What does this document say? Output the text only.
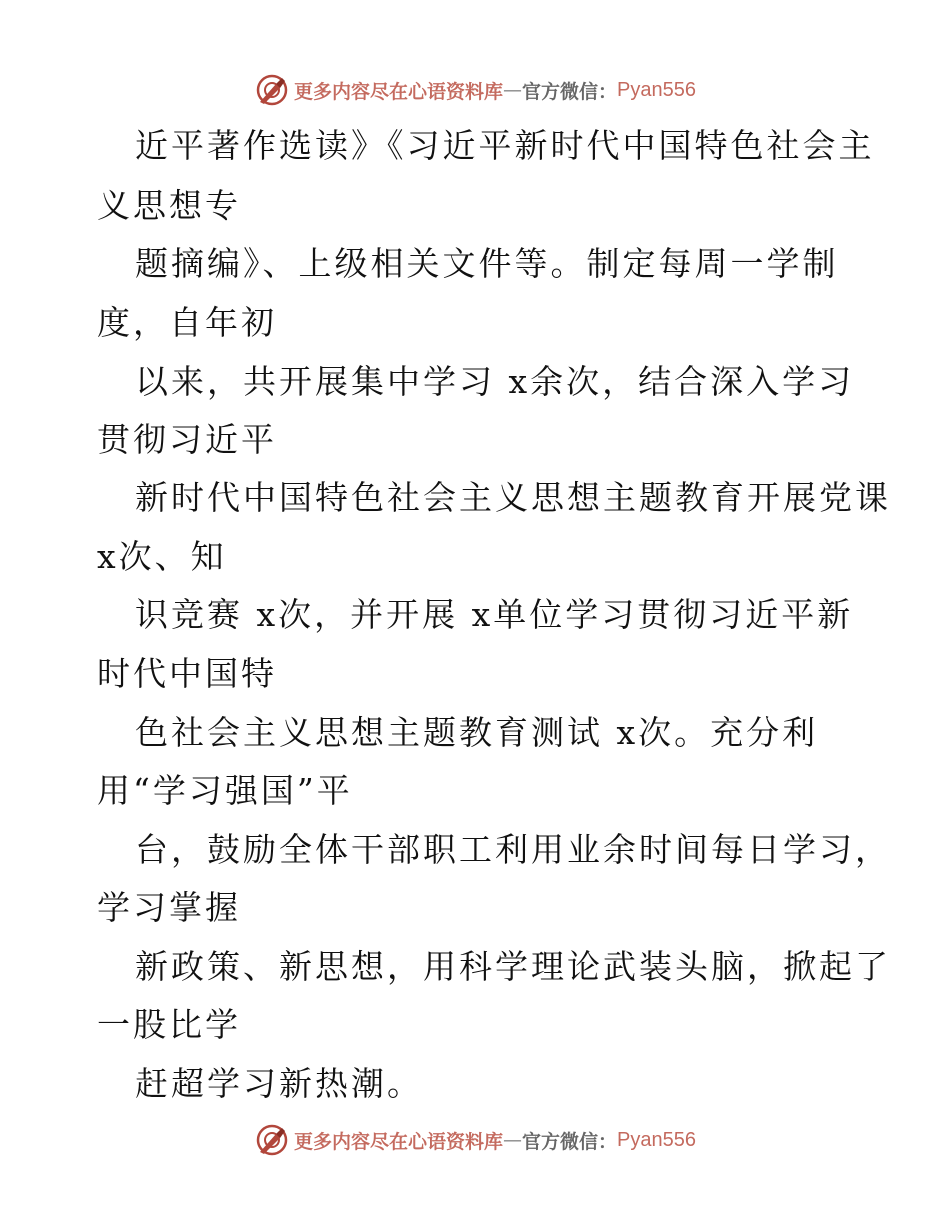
更多内容尽在心语资料库 — 官方微信： Pyan556
近平著作选读》《习近平新时代中国特色社会主
义思想专
题摘编》、上级相关文件等。制定每周一学制
度，自年初
以来，共开展集中学习 x余次，结合深入学习
贯彻习近平
新时代中国特色社会主义思想主题教育开展党课
x次、知
识竞赛 x次，并开展 x单位学习贯彻习近平新
时代中国特
色社会主义思想主题教育测试 x次。充分利
用“学习强国”平
台，鼓励全体干部职工利用业余时间每日学习，
学习掌握
新政策、新思想，用科学理论武装头脑，掀起了
一股比学
赶超学习新热潮。
更多内容尽在心语资料库 — 官方微信： Pyan556
